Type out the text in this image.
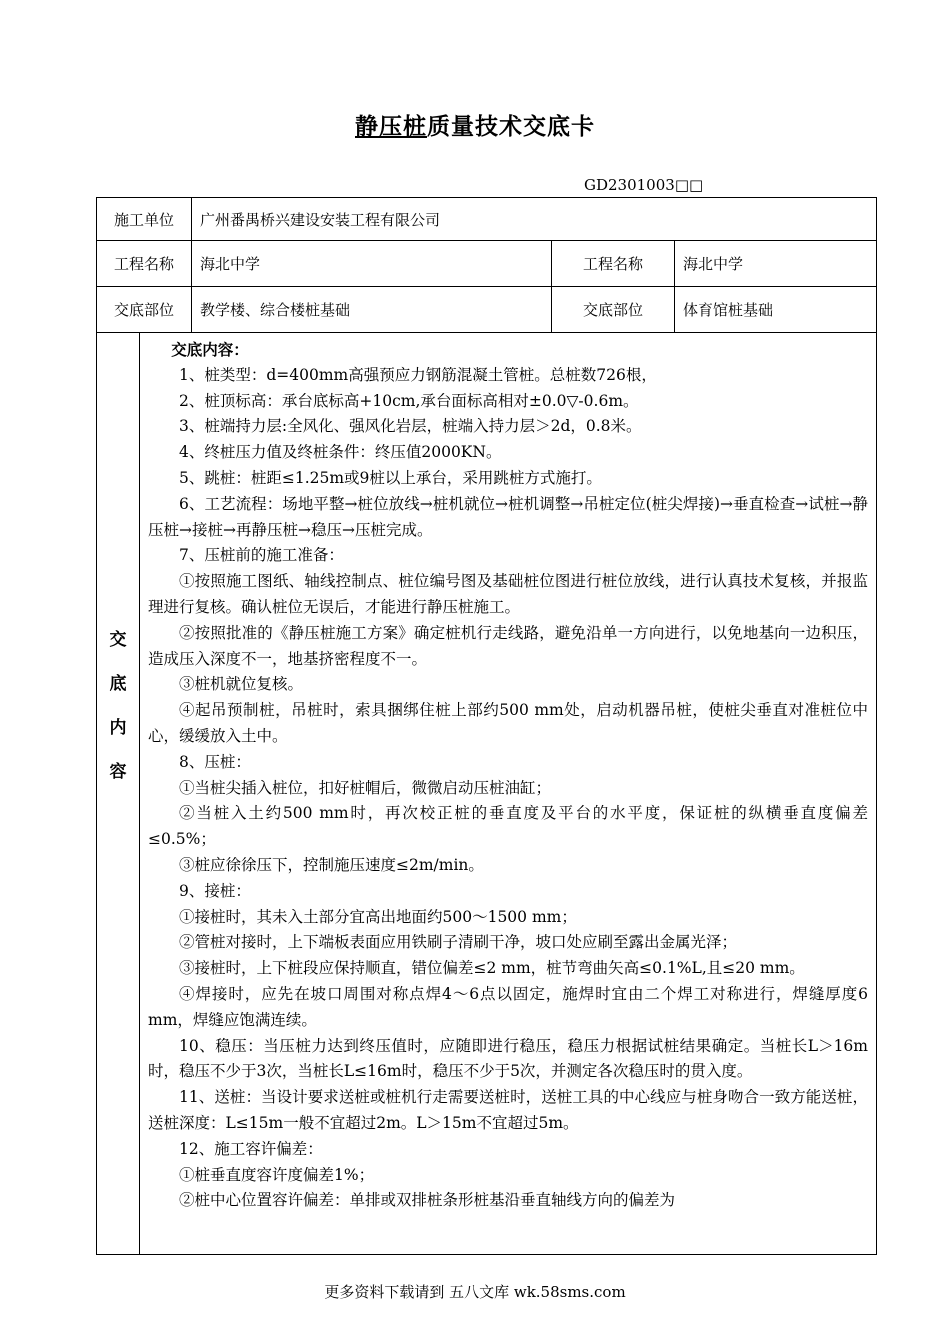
静压桩质量技术交底卡
GD2301003□□
施工单位	广州番禺桥兴建设安装工程有限公司		
工程名称	海北中学	工程名称	海北中学
交底部位	教学楼、综合楼桩基础	交底部位	体育馆桩基础
交
底
内
容

交底内容：

1、桩类型：d=400mm高强预应力钢筋混凝土管桩。总桩数726根，

2、桩顶标高：承台底标高+10cm,承台面标高相对±0.0▽-0.6m。

3、桩端持力层:全风化、强风化岩层，桩端入持力层＞2d，0.8米。

4、终桩压力值及终桩条件：终压值2000KN。

5、跳桩：桩距≤1.25m或9桩以上承台，采用跳桩方式施打。

6、工艺流程：场地平整→桩位放线→桩机就位→桩机调整→吊桩定位(桩尖焊接)→垂直检查→试桩→静压桩→接桩→再静压桩→稳压→压桩完成。

7、压桩前的施工准备：

①按照施工图纸、轴线控制点、桩位编号图及基础桩位图进行桩位放线，进行认真技术复核，并报监理进行复核。确认桩位无误后，才能进行静压桩施工。

②按照批准的《静压桩施工方案》确定桩机行走线路，避免沿单一方向进行，以免地基向一边积压，造成压入深度不一，地基挤密程度不一。

③桩机就位复核。

④起吊预制桩，吊桩时，索具捆绑住桩上部约500 mm处，启动机器吊桩，使桩尖垂直对准桩位中心，缓缓放入土中。

8、压桩：

①当桩尖插入桩位，扣好桩帽后，微微启动压桩油缸；

②当桩入土约500 mm时，再次校正桩的垂直度及平台的水平度，保证桩的纵横垂直度偏差≤0.5%；

③桩应徐徐压下，控制施压速度≤2m/min。

9、接桩：

①接桩时，其未入土部分宜高出地面约500～1500 mm；

②管桩对接时，上下端板表面应用铁刷子清刷干净，坡口处应刷至露出金属光泽；

③接桩时，上下桩段应保持顺直，错位偏差≤2 mm，桩节弯曲矢高≤0.1%L,且≤20 mm。

④焊接时，应先在坡口周围对称点焊4～6点以固定，施焊时宜由二个焊工对称进行，焊缝厚度6 mm，焊缝应饱满连续。

10、稳压：当压桩力达到终压值时，应随即进行稳压，稳压力根据试桩结果确定。当桩长L＞16m时，稳压不少于3次，当桩长L≤16m时，稳压不少于5次，并测定各次稳压时的贯入度。

11、送桩：当设计要求送桩或桩机行走需要送桩时，送桩工具的中心线应与桩身吻合一致方能送桩，送桩深度：L≤15m一般不宜超过2m。L＞15m不宜超过5m。

12、施工容许偏差：

①桩垂直度容许度偏差1%；

②桩中心位置容许偏差：单排或双排桩条形桩基沿垂直轴线方向的偏差为

更多资料下载请到 五八文库 wk.58sms.com
